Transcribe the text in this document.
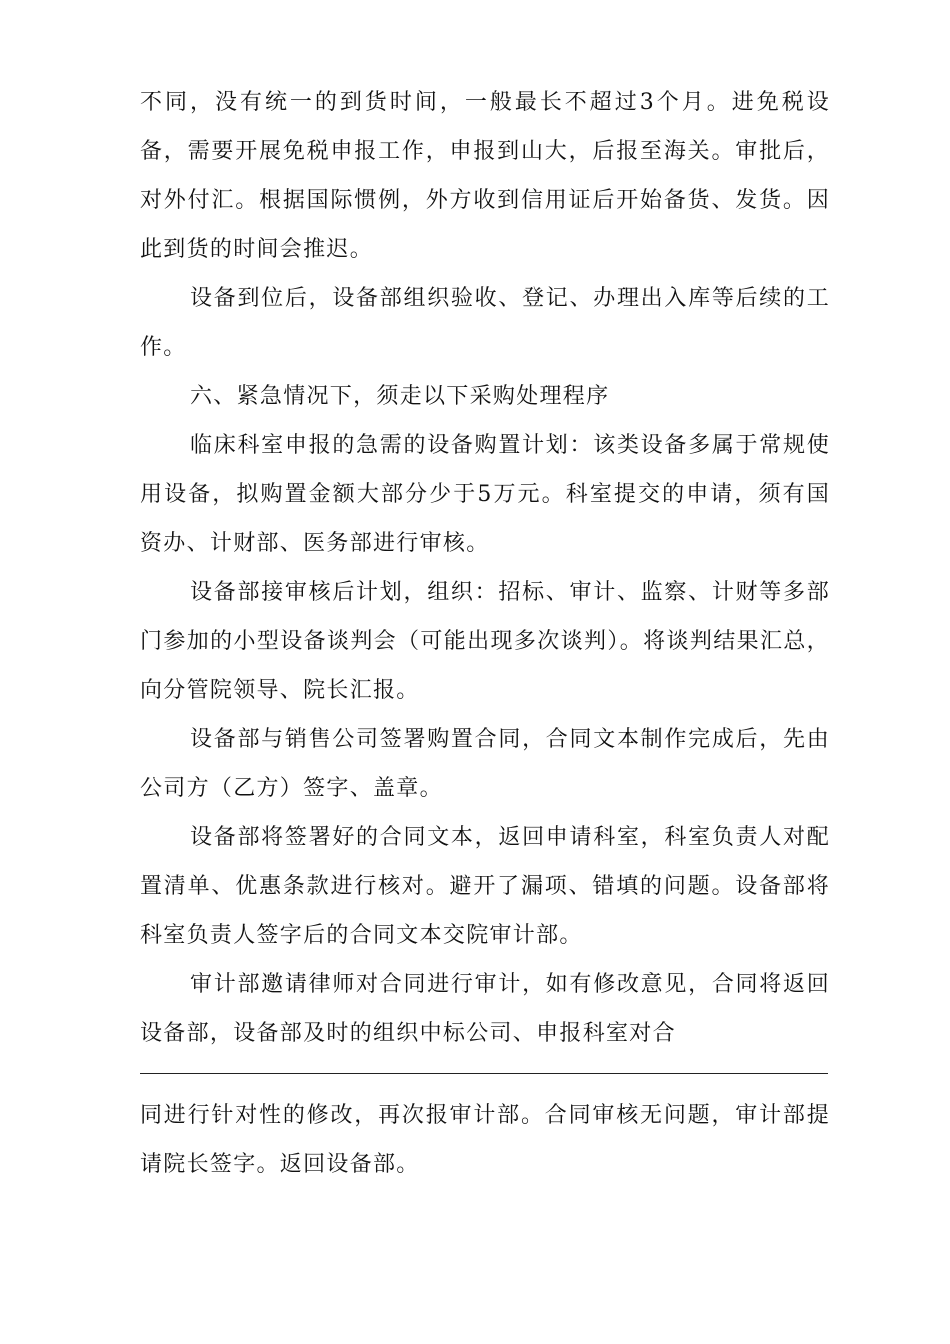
不同，没有统一的到货时间，一般最长不超过3个月。进免税设备，需要开展免税申报工作，申报到山大，后报至海关。审批后，对外付汇。根据国际惯例，外方收到信用证后开始备货、发货。因此到货的时间会推迟。

设备到位后，设备部组织验收、登记、办理出入库等后续的工作。

六、紧急情况下，须走以下采购处理程序

临床科室申报的急需的设备购置计划：该类设备多属于常规使用设备，拟购置金额大部分少于5万元。科室提交的申请，须有国资办、计财部、医务部进行审核。

设备部接审核后计划，组织：招标、审计、监察、计财等多部门参加的小型设备谈判会（可能出现多次谈判）。将谈判结果汇总，向分管院领导、院长汇报。

设备部与销售公司签署购置合同，合同文本制作完成后，先由公司方（乙方）签字、盖章。

设备部将签署好的合同文本，返回申请科室，科室负责人对配置清单、优惠条款进行核对。避开了漏项、错填的问题。设备部将科室负责人签字后的合同文本交院审计部。

审计部邀请律师对合同进行审计，如有修改意见，合同将返回设备部，设备部及时的组织中标公司、申报科室对合

同进行针对性的修改，再次报审计部。合同审核无问题，审计部提请院长签字。返回设备部。
